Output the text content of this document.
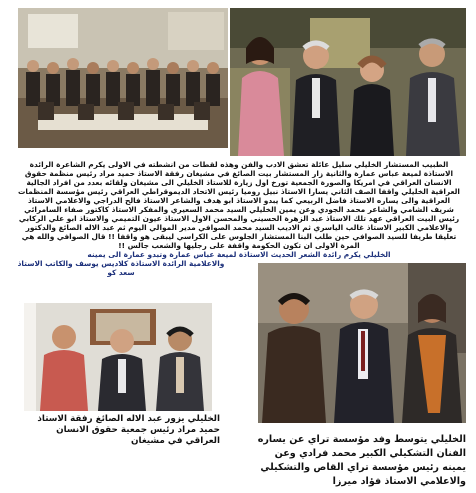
الطبيب المستشار الخليلي سليل عائلة تعشق الادب والفن وهذه لقطات من انشطته في الاولى يكرم الشاعرة الرائدة الاستاذة لميعة عباس عمارة والثانية زار المستشار بيت الصائغ في مشيغان رفقة الاستاذ حميد مراد رئيس منظمة حقوق الانسان العراقي في امريكا والصورة الجمعية تورخ اول زيارة للاستاذ الخليلي الى مشيغان ولقائه بعدد من افراد الجالية العراقية الخليلي واقفا الصف الثاني يسارا الاستاذ نبيل روميا رئيس الاتحاد الديموقراطي العراقي رئيس مؤسسة المنظمات العراقية والى يساره الاستاذ فاضل الربيعي كما يبدو الاستاذ ابو هدف والشاعر الاستاذ فالح الدراجي والاعلامي الاستاذ شريف الشامي والشاعر محمد الجودي وعن يمين الخليلي السيد محمد السعيري والمفكر الاستاذ كاكتور صفاء السامرائي رئيس البيت العراقي عهد تلك الاستاذ عبد الزهرة الحسيني والمحسن الاول الاستاذ عيون التميمي والاستاذ ابو علي الركابي والاعلامي الكبير الاستاذ غالب الياسري ثم الاديب السيد محمد الصوافي مدير الموالي اليوم ثم عبد الاله الصائغ والدكتور تعليقا طريفا للسيد الصوافي حين طلب البنا المستشار الجلوس على الكراسي ليبقى هو واقفا !! قال الصوافي والله هي المرة الاولى ان تكون الحكومة واقفة على رجليها والشعب جالس !!

الخليلي يكرم رائدة الشعر الحديث الاستاذة لميعة عباس عمارة وتبدو عمارة الى يمينه

والاعلامية الرائدة الاستاذة كلاديس يوسف والكاتب الاستاذ سعد كو

الخليلي يزور عبد الاله الصائغ رفقة الاستاذ حميد مراد رئيس جمعية حقوق الانسان العراقي في مشيغان	الخليلي يتوسط وفد مؤسسة تراي عن يساره الفنان التشكيلي الكبير محمد فرادي وعن يمينه رئيس مؤسسة تراي القاص والتشكيلي والاعلامي الاستاذ فؤاد ميرزا
